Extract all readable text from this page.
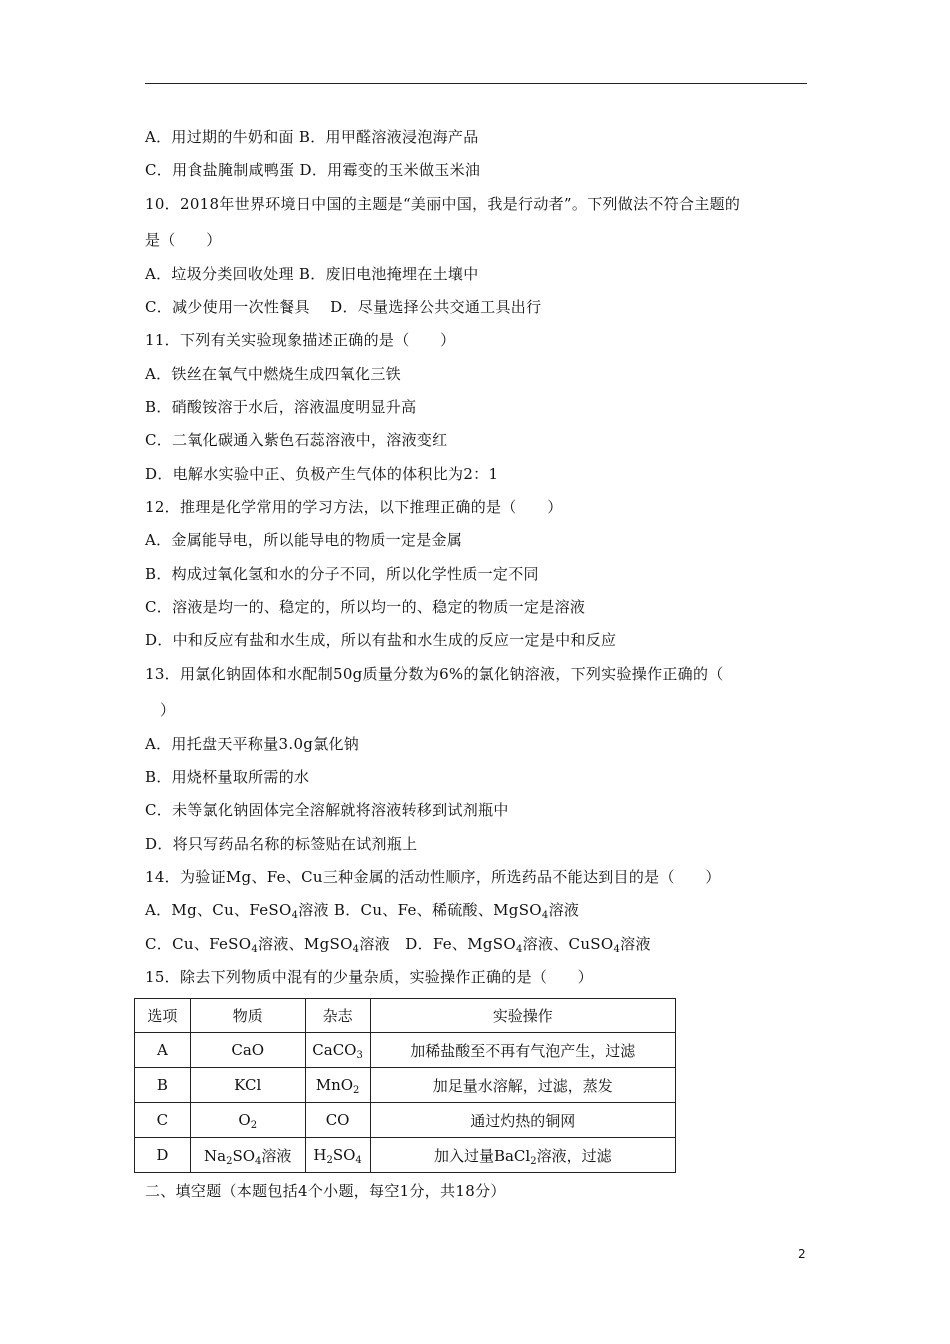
A．用过期的牛奶和面 B．用甲醛溶液浸泡海产品
C．用食盐腌制咸鸭蛋 D．用霉变的玉米做玉米油
10．2018年世界环境日中国的主题是“美丽中国，我是行动者”。下列做法不符合主题的
是（　　）
A．垃圾分类回收处理 B．废旧电池掩埋在土壤中
C．减少使用一次性餐具　 D．尽量选择公共交通工具出行
11．下列有关实验现象描述正确的是（　　）
A．铁丝在氧气中燃烧生成四氧化三铁
B．硝酸铵溶于水后，溶液温度明显升高
C．二氧化碳通入紫色石蕊溶液中，溶液变红
D．电解水实验中正、负极产生气体的体积比为2：1
12．推理是化学常用的学习方法，以下推理正确的是（　　）
A．金属能导电，所以能导电的物质一定是金属
B．构成过氧化氢和水的分子不同，所以化学性质一定不同
C．溶液是均一的、稳定的，所以均一的、稳定的物质一定是溶液
D．中和反应有盐和水生成，所以有盐和水生成的反应一定是中和反应
13．用氯化钠固体和水配制50g质量分数为6%的氯化钠溶液，下列实验操作正确的（
）
A．用托盘天平称量3.0g氯化钠
B．用烧杯量取所需的水
C．未等氯化钠固体完全溶解就将溶液转移到试剂瓶中
D．将只写药品名称的标签贴在试剂瓶上
14．为验证Mg、Fe、Cu三种金属的活动性顺序，所选药品不能达到目的是（　　）
A．Mg、Cu、FeSO$_4$溶液 B．Cu、Fe、稀硫酸、MgSO$_4$溶液
C．Cu、FeSO$_4$溶液、MgSO$_4$溶液　D．Fe、MgSO$_4$溶液、CuSO$_4$溶液
15．除去下列物质中混有的少量杂质，实验操作正确的是（　　）
选项	物质	杂志	实验操作
A	CaO	CaCO$_3$	加稀盐酸至不再有气泡产生，过滤
B	KCl	MnO$_2$	加足量水溶解，过滤，蒸发
C	$O_2$	CO	通过灼热的铜网
D	$Na_2SO_4$溶液	$H_2SO_4$	加入过量BaCl$_2$溶液，过滤
二、填空题（本题包括4个小题，每空1分，共18分）
2
